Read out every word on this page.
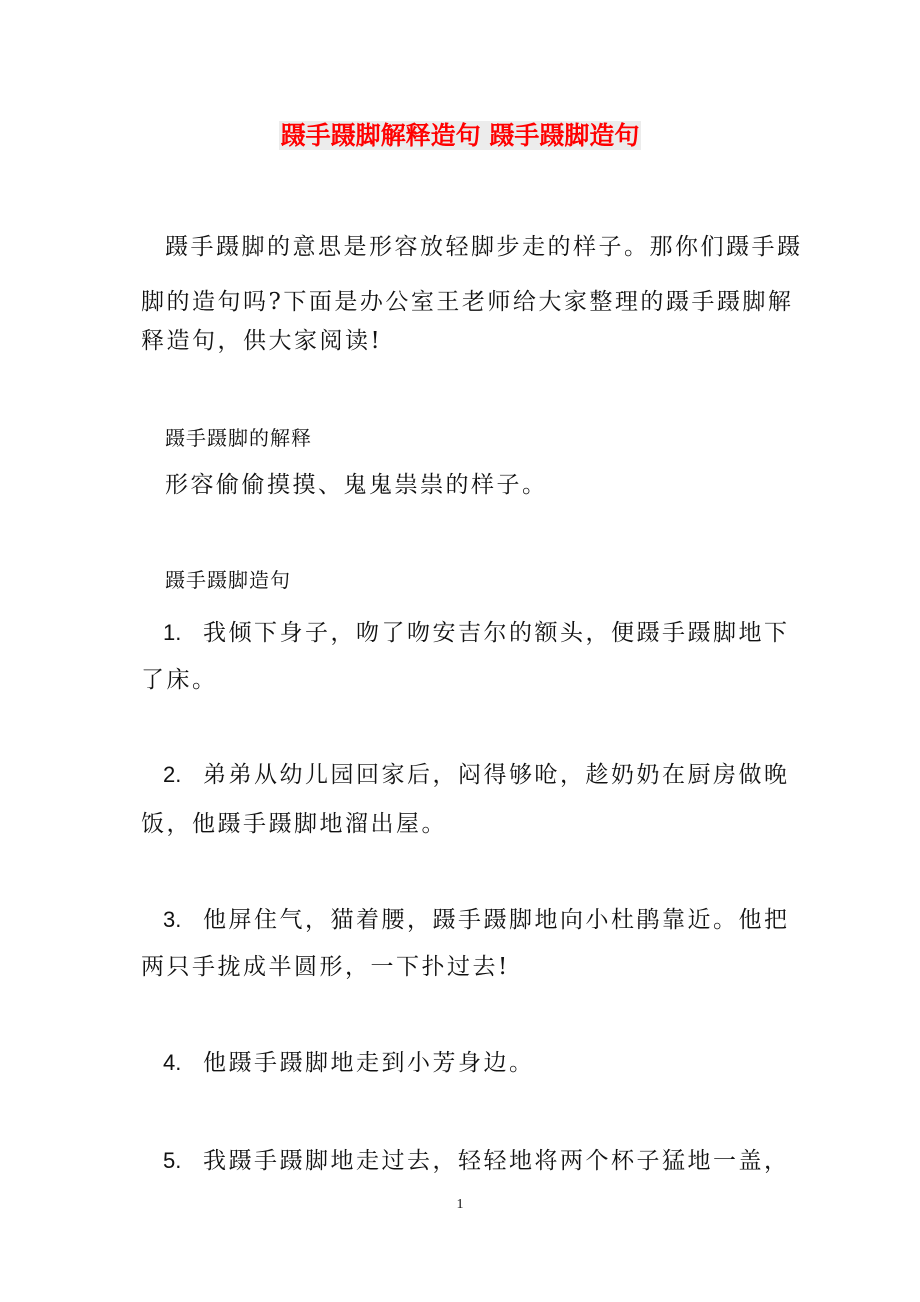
蹑手蹑脚解释造句 蹑手蹑脚造句

蹑手蹑脚的意思是形容放轻脚步走的样子。那你们蹑手蹑

脚的造句吗?下面是办公室王老师给大家整理的蹑手蹑脚解

释造句，供大家阅读!

蹑手蹑脚的解释

形容偷偷摸摸、鬼鬼祟祟的样子。

蹑手蹑脚造句

1. 我倾下身子，吻了吻安吉尔的额头，便蹑手蹑脚地下

了床。

2. 弟弟从幼儿园回家后，闷得够呛，趁奶奶在厨房做晚

饭，他蹑手蹑脚地溜出屋。

3. 他屏住气，猫着腰，蹑手蹑脚地向小杜鹃靠近。他把

两只手拢成半圆形，一下扑过去!

4. 他蹑手蹑脚地走到小芳身边。

5. 我蹑手蹑脚地走过去，轻轻地将两个杯子猛地一盖，

1
